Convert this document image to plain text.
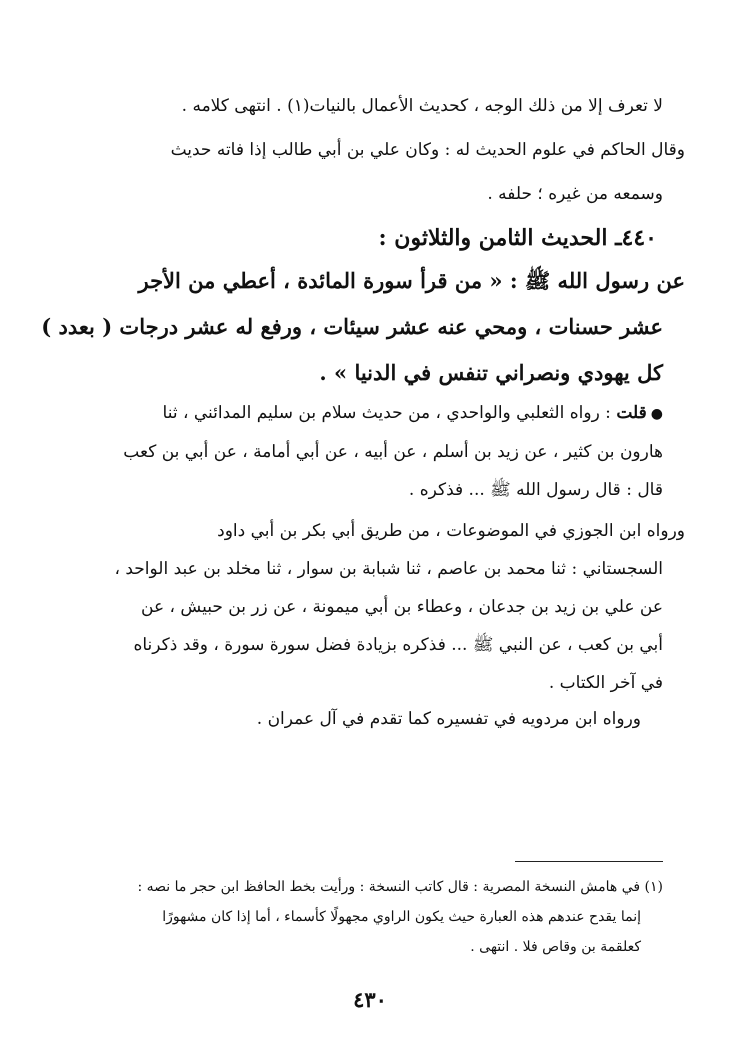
لا تعرف إلا من ذلك الوجه ، كحديث الأعمال بالنيات(١) . انتهى كلامه .
وقال الحاكم في علوم الحديث له : وكان علي بن أبي طالب إذا فاته حديث
وسمعه من غيره ؛ حلفه .
٤٤٠ـ الحديث الثامن والثلاثون :
عن رسول الله ﷺ : « من قرأ سورة المائدة ، أعطي من الأجر
عشر حسنات ، ومحي عنه عشر سيئات ، ورفع له عشر درجات ( بعدد )
كل يهودي ونصراني تنفس في الدنيا » .
●قلت : رواه الثعلبي والواحدي ، من حديث سلام بن سليم المدائني ، ثنا
هارون بن كثير ، عن زيد بن أسلم ، عن أبيه ، عن أبي أمامة ، عن أبي بن كعب
قال : قال رسول الله ﷺ ... فذكره .
ورواه ابن الجوزي في الموضوعات ، من طريق أبي بكر بن أبي داود
السجستاني : ثنا محمد بن عاصم ، ثنا شبابة بن سوار ، ثنا مخلد بن عبد الواحد ،
عن علي بن زيد بن جدعان ، وعطاء بن أبي ميمونة ، عن زر بن حبيش ، عن
أبي بن كعب ، عن النبي ﷺ ... فذكره بزيادة فضل سورة سورة ، وقد ذكرناه
في آخر الكتاب .
ورواه ابن مردويه في تفسيره كما تقدم في آل عمران .
(١) في هامش النسخة المصرية : قال كاتب النسخة : ورأيت بخط الحافظ ابن حجر ما نصه :
إنما يقدح عندهم هذه العبارة حيث يكون الراوي مجهولًا كأسماء ، أما إذا كان مشهورًا
كعلقمة بن وقاص فلا . انتهى .
٤٣٠
